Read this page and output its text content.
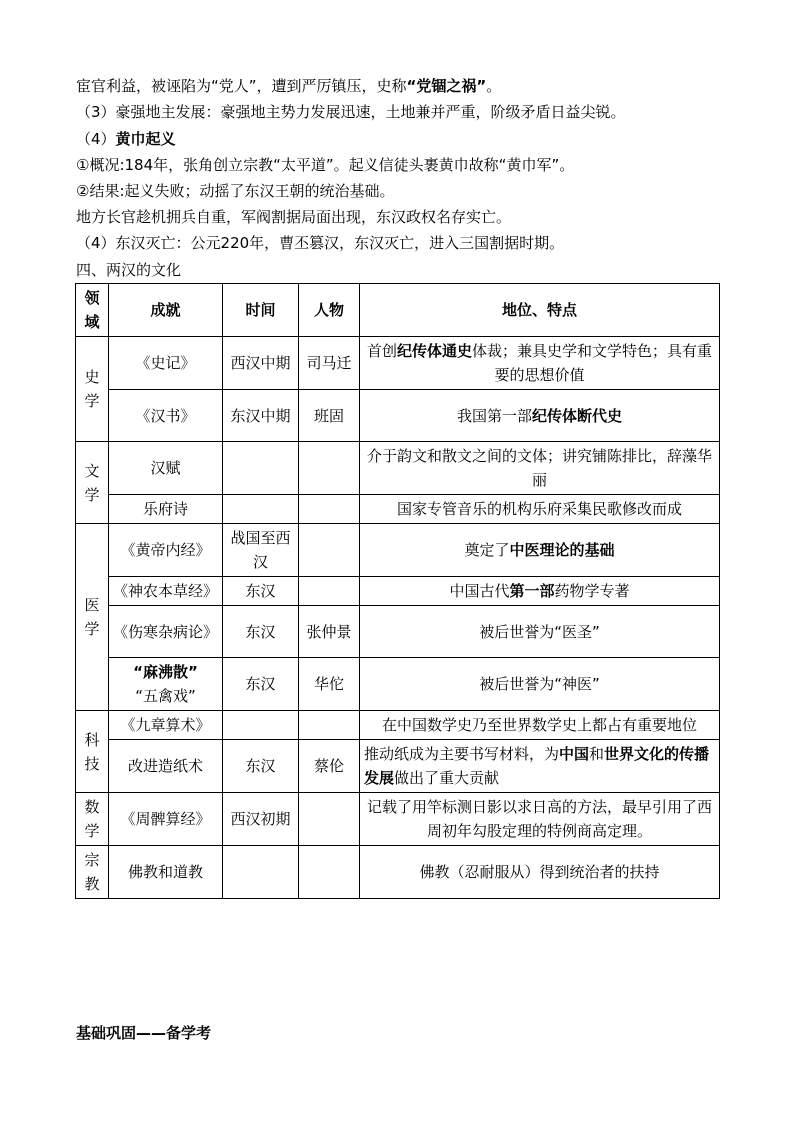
宦官利益，被诬陷为“党人”，遭到严厉镇压，史称“党锢之祸”。
（3）豪强地主发展：豪强地主势力发展迅速，土地兼并严重，阶级矛盾日益尖锐。
（4）黄巾起义
①概况:184年，张角创立宗教“太平道”。起义信徒头裹黄巾故称“黄巾军”。
②结果:起义失败；动摇了东汉王朝的统治基础。
地方长官趁机拥兵自重，军阀割据局面出现，东汉政权名存实亡。
（4）东汉灭亡：公元220年，曹丕篡汉，东汉灭亡，进入三国割据时期。
四、两汉的文化
领域	成就	时间	人物	地位、特点
史学	《史记》	西汉中期	司马迁	首创纪传体通史体裁；兼具史学和文学特色；具有重要的思想价值
	《汉书》	东汉中期	班固	我国第一部纪传体断代史
文学	汉赋			介于韵文和散文之间的文体；讲究铺陈排比，辞藻华丽
	乐府诗			国家专管音乐的机构乐府采集民歌修改而成
医学	《黄帝内经》	战国至西汉		奠定了中医理论的基础
	《神农本草经》	东汉		中国古代第一部药物学专著
	《伤寒杂病论》	东汉	张仲景	被后世誉为“医圣”
	“麻沸散”
“五禽戏”	东汉	华佗	被后世誉为“神医”
科技	《九章算术》			在中国数学史乃至世界数学史上都占有重要地位
	改进造纸术	东汉	蔡伦	推动纸成为主要书写材料，为中国和世界文化的传播发展做出了重大贡献
数学	《周髀算经》	西汉初期		记载了用竿标测日影以求日高的方法，最早引用了西周初年勾股定理的特例商高定理。
宗教	佛教和道教			佛教（忍耐服从）得到统治者的扶持
基础巩固——备学考
